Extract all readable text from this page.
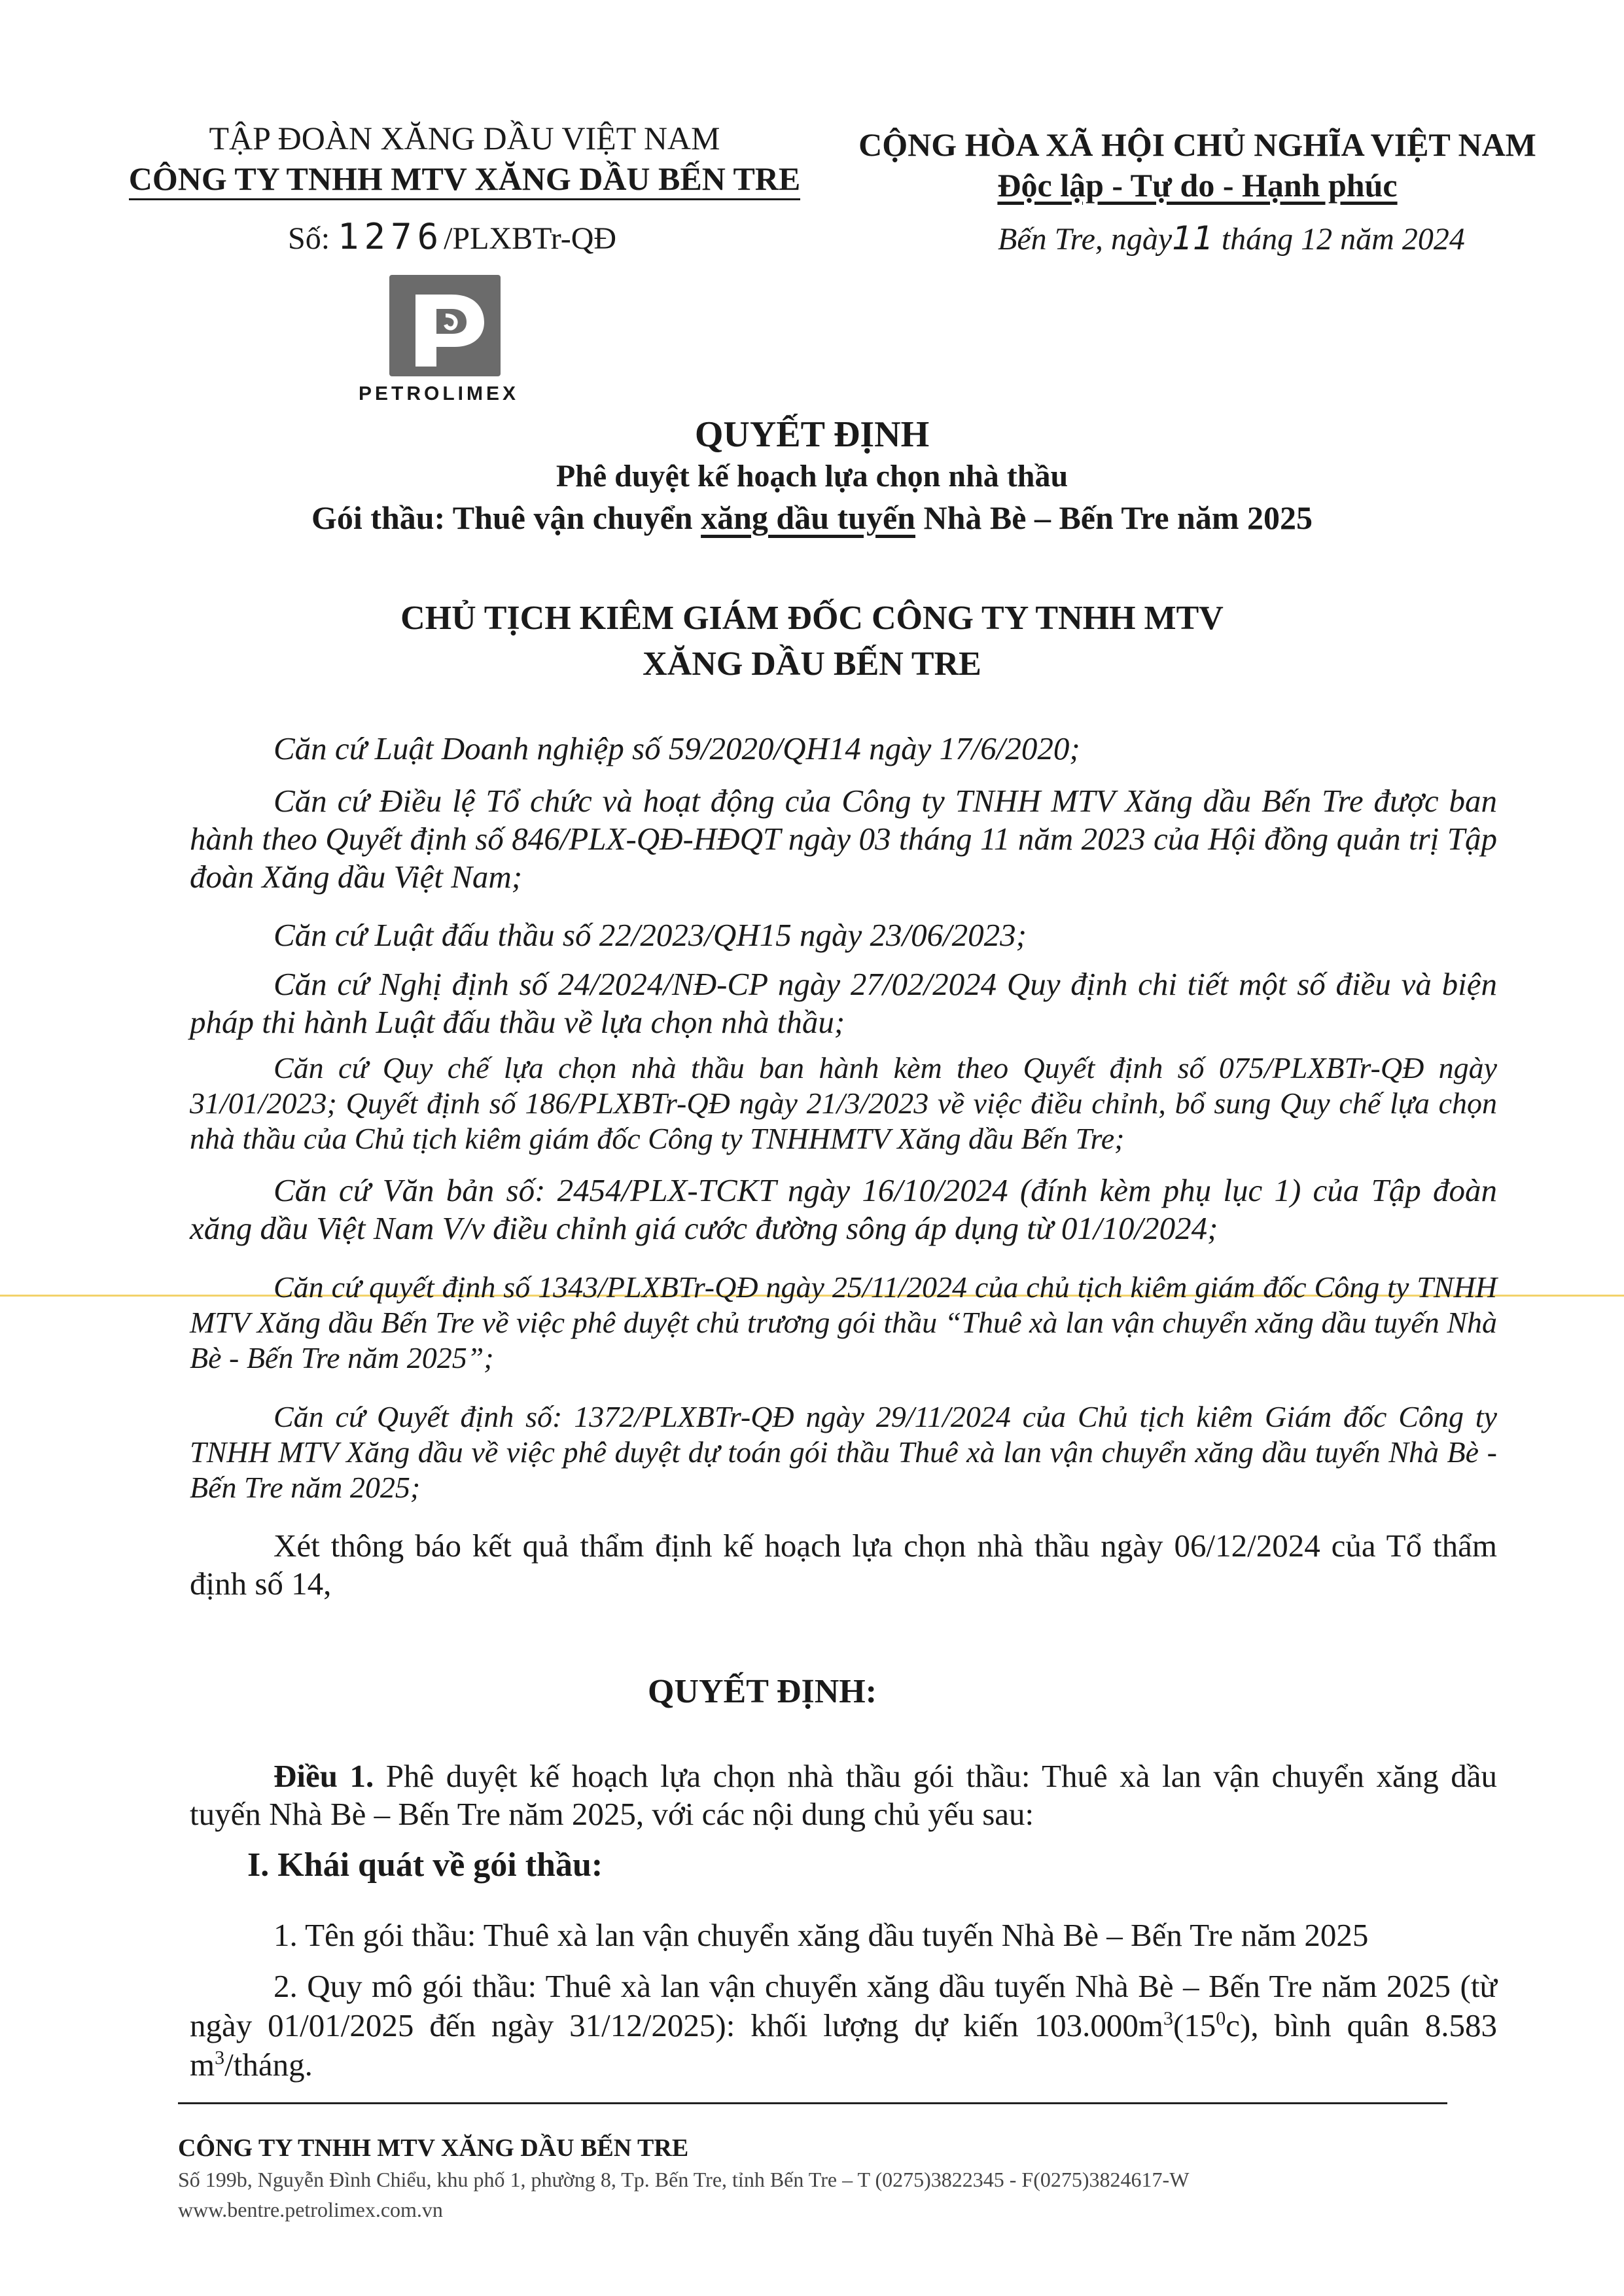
TẬP ĐOÀN XĂNG DẦU VIỆT NAM
CÔNG TY TNHH MTV XĂNG DẦU BẾN TRE
Số: 1276/PLXBTr-QĐ
CỘNG HÒA XÃ HỘI CHỦ NGHĨA VIỆT NAM
Độc lập - Tự do - Hạnh phúc
Bến Tre, ngày11 tháng 12 năm 2024
PETROLIMEX
QUYẾT ĐỊNH
Phê duyệt kế hoạch lựa chọn nhà thầu
Gói thầu: Thuê vận chuyển xăng dầu tuyến Nhà Bè – Bến Tre năm 2025
CHỦ TỊCH KIÊM GIÁM ĐỐC CÔNG TY TNHH MTV
XĂNG DẦU BẾN TRE

Căn cứ Luật Doanh nghiệp số 59/2020/QH14 ngày 17/6/2020;

Căn cứ Điều lệ Tổ chức và hoạt động của Công ty TNHH MTV Xăng dầu Bến Tre được ban hành theo Quyết định số 846/PLX-QĐ-HĐQT ngày 03 tháng 11 năm 2023 của Hội đồng quản trị Tập đoàn Xăng dầu Việt Nam;

Căn cứ Luật đấu thầu số 22/2023/QH15 ngày 23/06/2023;

Căn cứ Nghị định số 24/2024/NĐ-CP ngày 27/02/2024 Quy định chi tiết một số điều và biện pháp thi hành Luật đấu thầu về lựa chọn nhà thầu;

Căn cứ Quy chế lựa chọn nhà thầu ban hành kèm theo Quyết định số 075/PLXBTr-QĐ ngày 31/01/2023; Quyết định số 186/PLXBTr-QĐ ngày 21/3/2023 về việc điều chỉnh, bổ sung Quy chế lựa chọn nhà thầu của Chủ tịch kiêm giám đốc Công ty TNHHMTV Xăng dầu Bến Tre;

Căn cứ Văn bản số: 2454/PLX-TCKT ngày 16/10/2024 (đính kèm phụ lục 1) của Tập đoàn xăng dầu Việt Nam V/v điều chỉnh giá cước đường sông áp dụng từ 01/10/2024;

Căn cứ quyết định số 1343/PLXBTr-QĐ ngày 25/11/2024 của chủ tịch kiêm giám đốc Công ty TNHH MTV Xăng dầu Bến Tre về việc phê duyệt chủ trương gói thầu “Thuê xà lan vận chuyển xăng dầu tuyến Nhà Bè - Bến Tre năm 2025”;

Căn cứ Quyết định số: 1372/PLXBTr-QĐ ngày 29/11/2024 của Chủ tịch kiêm Giám đốc Công ty TNHH MTV Xăng dầu về việc phê duyệt dự toán gói thầu Thuê xà lan vận chuyển xăng dầu tuyến Nhà Bè - Bến Tre năm 2025;

Xét thông báo kết quả thẩm định kế hoạch lựa chọn nhà thầu ngày 06/12/2024 của Tổ thẩm định số 14,

QUYẾT ĐỊNH:

Điều 1. Phê duyệt kế hoạch lựa chọn nhà thầu gói thầu: Thuê xà lan vận chuyển xăng dầu tuyến Nhà Bè – Bến Tre năm 2025, với các nội dung chủ yếu sau:

I. Khái quát về gói thầu:

1. Tên gói thầu: Thuê xà lan vận chuyển xăng dầu tuyến Nhà Bè – Bến Tre năm 2025

2. Quy mô gói thầu: Thuê xà lan vận chuyển xăng dầu tuyến Nhà Bè – Bến Tre năm 2025 (từ ngày 01/01/2025 đến ngày 31/12/2025): khối lượng dự kiến $103.000m^3(15^0c)$, bình quân 8.583 $m^3$/tháng.

CÔNG TY TNHH MTV XĂNG DẦU BẾN TRE
Số 199b, Nguyễn Đình Chiểu, khu phố 1, phường 8, Tp. Bến Tre, tỉnh Bến Tre – T (0275)3822345 - F(0275)3824617-W
www.bentre.petrolimex.com.vn
